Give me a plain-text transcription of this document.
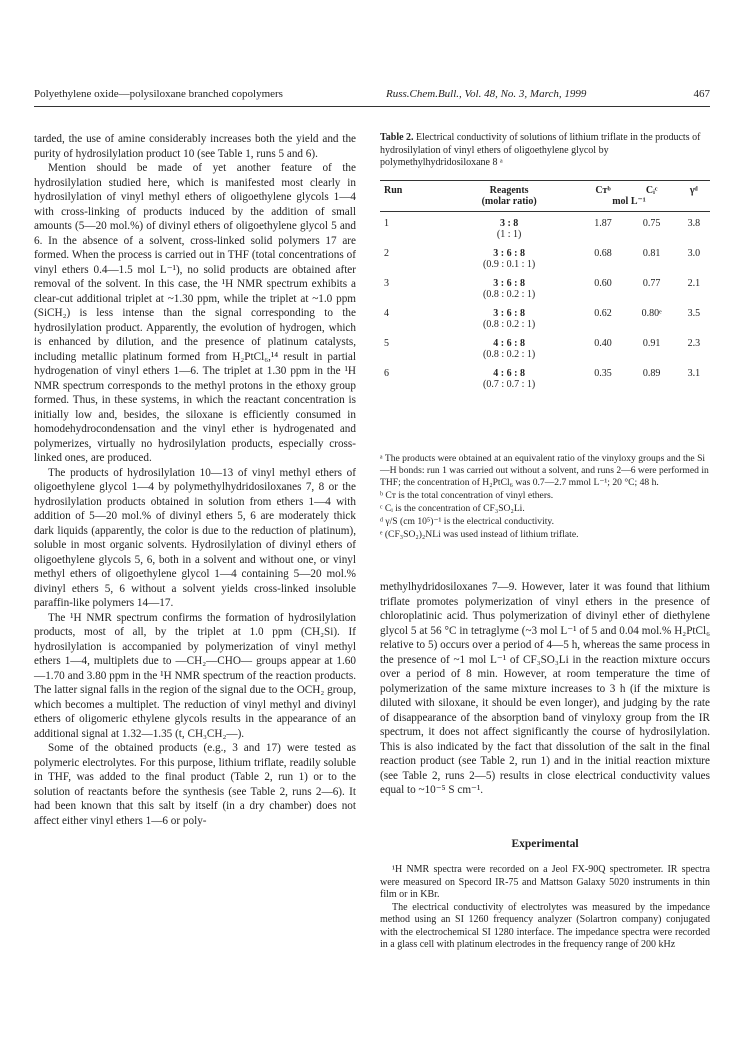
Polyethylene oxide—polysiloxane branched copolymers	Russ.Chem.Bull., Vol. 48, No. 3, March, 1999	467

tarded, the use of amine considerably increases both the yield and the purity of hydrosilylation product 10 (see Table 1, runs 5 and 6).

Mention should be made of yet another feature of the hydrosilylation studied here, which is manifested most clearly in hydrosilylation of vinyl methyl ethers of oligoethylene glycols 1—4 with cross-linking of products induced by the addition of small amounts (5—20 mol.%) of divinyl ethers of oligoethylene glycol 5 and 6. In the absence of a solvent, cross-linked solid polymers 17 are formed. When the process is carried out in THF (total concentrations of vinyl ethers 0.4—1.5 mol L⁻¹), no solid products are obtained after removal of the solvent. In this case, the ¹H NMR spectrum exhibits a clear-cut additional triplet at ~1.30 ppm, while the triplet at ~1.0 ppm (SiCH₂) is less intense than the signal corresponding to the hydrosilylation product. Apparently, the evolution of hydrogen, which is enhanced by dilution, and the presence of platinum catalysts, including metallic platinum formed from H₂PtCl₆,¹⁴ result in partial hydrogenation of vinyl ethers 1—6. The triplet at 1.30 ppm in the ¹H NMR spectrum corresponds to the methyl protons in the ethoxy group formed. Thus, in these systems, in which the reactant concentration is initially low and, besides, the siloxane is efficiently consumed in homodehydrocondensation and the vinyl ether is hydrogenated and polymerizes, virtually no hydrosilylation products, especially cross-linked ones, are produced.

The products of hydrosilylation 10—13 of vinyl methyl ethers of oligoethylene glycol 1—4 by polymethylhydridosiloxanes 7, 8 or the hydrosilylation products obtained in solution from ethers 1—4 with addition of 5—20 mol.% of divinyl ethers 5, 6 are moderately thick dark liquids (apparently, the color is due to the reduction of platinum), soluble in most organic solvents. Hydrosilylation of divinyl ethers of oligoethylene glycols 5, 6, both in a solvent and without one, or vinyl methyl ethers of oligoethylene glycol 1—4 containing 5—20 mol.% divinyl ethers 5, 6 without a solvent yields cross-linked insoluble paraffin-like polymers 14—17.

The ¹H NMR spectrum confirms the formation of hydrosilylation products, most of all, by the triplet at 1.0 ppm (CH₂Si). If hydrosilylation is accompanied by polymerization of vinyl methyl ethers 1—4, multiplets due to —CH₂—CHO— groups appear at 1.60—1.70 and 3.80 ppm in the ¹H NMR spectrum of the reaction products. The latter signal falls in the region of the signal due to the OCH₂ group, which becomes a multiplet. The reduction of vinyl methyl and divinyl ethers of oligomeric ethylene glycols results in the appearance of an additional signal at 1.32—1.35 (t, CH₃CH₂—).

Some of the obtained products (e.g., 3 and 17) were tested as polymeric electrolytes. For this purpose, lithium triflate, readily soluble in THF, was added to the final product (Table 2, run 1) or to the solution of reactants before the synthesis (see Table 2, runs 2—6). It had been known that this salt by itself (in a dry chamber) does not affect either vinyl ethers 1—6 or poly-

Table 2. Electrical conductivity of solutions of lithium triflate in the products of hydrosilylation of vinyl ethers of oligoethylene glycol by polymethylhydridosiloxane 8 ᵃ
Run	Reagents	Cᴛᵇ	Cᵢᶜ	γᵈ
	(molar ratio)	mol L⁻¹		
1	3 : 8
(1 : 1)	1.87	0.75	3.8
2	3 : 6 : 8
(0.9 : 0.1 : 1)	0.68	0.81	3.0
3	3 : 6 : 8
(0.8 : 0.2 : 1)	0.60	0.77	2.1
4	3 : 6 : 8
(0.8 : 0.2 : 1)	0.62	0.80ᵉ	3.5
5	4 : 6 : 8
(0.8 : 0.2 : 1)	0.40	0.91	2.3
6	4 : 6 : 8
(0.7 : 0.7 : 1)	0.35	0.89	3.1
ᵃ The products were obtained at an equivalent ratio of the vinyloxy groups and the Si—H bonds: run 1 was carried out without a solvent, and runs 2—6 were performed in THF; the concentration of H₂PtCl₆ was 0.7—2.7 mmol L⁻¹; 20 °C; 48 h.
ᵇ Cᴛ is the total concentration of vinyl ethers.
ᶜ Cᵢ is the concentration of CF₃SO₂Li.
ᵈ γ/S (cm 10⁵)⁻¹ is the electrical conductivity.
ᵉ (CF₃SO₂)₂NLi was used instead of lithium triflate.

methylhydridosiloxanes 7—9. However, later it was found that lithium triflate promotes polymerization of vinyl ethers in the presence of chloroplatinic acid. Thus polymerization of divinyl ether of diethylene glycol 5 at 56 °C in tetraglyme (~3 mol L⁻¹ of 5 and 0.04 mol.% H₂PtCl₆ relative to 5) occurs over a period of 4—5 h, whereas the same process in the presence of ~1 mol L⁻¹ of CF₃SO₃Li in the reaction mixture occurs over a period of 8 min. However, at room temperature the time of polymerization of the same mixture increases to 3 h (if the mixture is diluted with siloxane, it should be even longer), and judging by the rate of disappearance of the absorption band of vinyloxy group from the IR spectrum, it does not affect significantly the course of hydrosilylation. This is also indicated by the fact that dissolution of the salt in the final reaction product (see Table 2, run 1) and in the initial reaction mixture (see Table 2, runs 2—5) results in close electrical conductivity values equal to ~10⁻⁵ S cm⁻¹.

Experimental

¹H NMR spectra were recorded on a Jeol FX-90Q spectrometer. IR spectra were measured on Specord IR-75 and Mattson Galaxy 5020 instruments in thin film or in KBr.

The electrical conductivity of electrolytes was measured by the impedance method using an SI 1260 frequency analyzer (Solartron company) conjugated with the electrochemical SI 1280 interface. The impedance spectra were recorded in a glass cell with platinum electrodes in the frequency range of 200 kHz
